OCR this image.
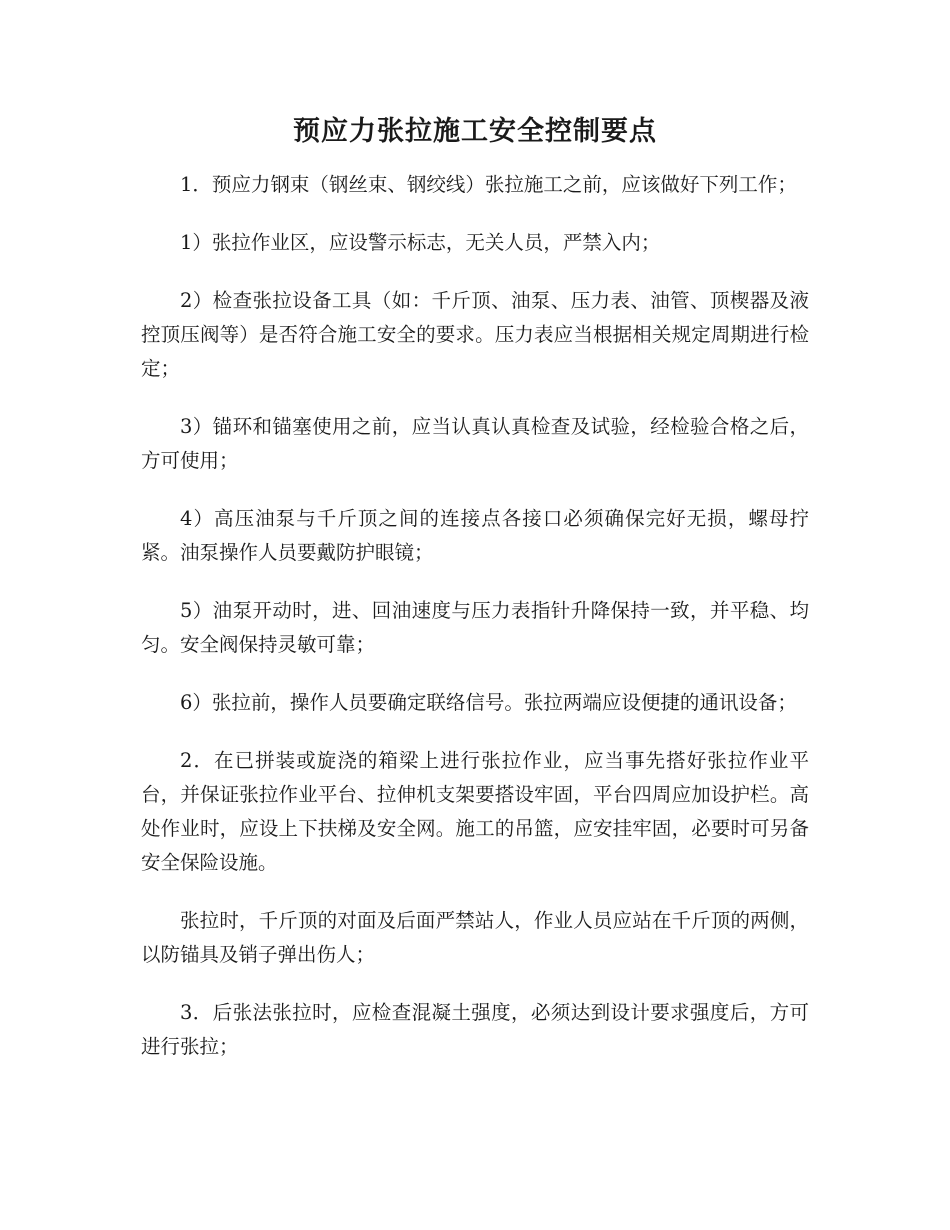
预应力张拉施工安全控制要点

1．预应力钢束（钢丝束、钢绞线）张拉施工之前，应该做好下列工作；

1）张拉作业区，应设警示标志，无关人员，严禁入内；

2）检查张拉设备工具（如：千斤顶、油泵、压力表、油管、顶楔器及液控顶压阀等）是否符合施工安全的要求。压力表应当根据相关规定周期进行检定；

3）锚环和锚塞使用之前，应当认真认真检查及试验，经检验合格之后，方可使用；

4）高压油泵与千斤顶之间的连接点各接口必须确保完好无损，螺母拧紧。油泵操作人员要戴防护眼镜；

5）油泵开动时，进、回油速度与压力表指针升降保持一致，并平稳、均匀。安全阀保持灵敏可靠；

6）张拉前，操作人员要确定联络信号。张拉两端应设便捷的通讯设备；

2．在已拼装或旋浇的箱梁上进行张拉作业，应当事先搭好张拉作业平台，并保证张拉作业平台、拉伸机支架要搭设牢固，平台四周应加设护栏。高处作业时，应设上下扶梯及安全网。施工的吊篮，应安挂牢固，必要时可另备安全保险设施。

张拉时，千斤顶的对面及后面严禁站人，作业人员应站在千斤顶的两侧，以防锚具及销子弹出伤人；

3．后张法张拉时，应检查混凝土强度，必须达到设计要求强度后，方可进行张拉；
